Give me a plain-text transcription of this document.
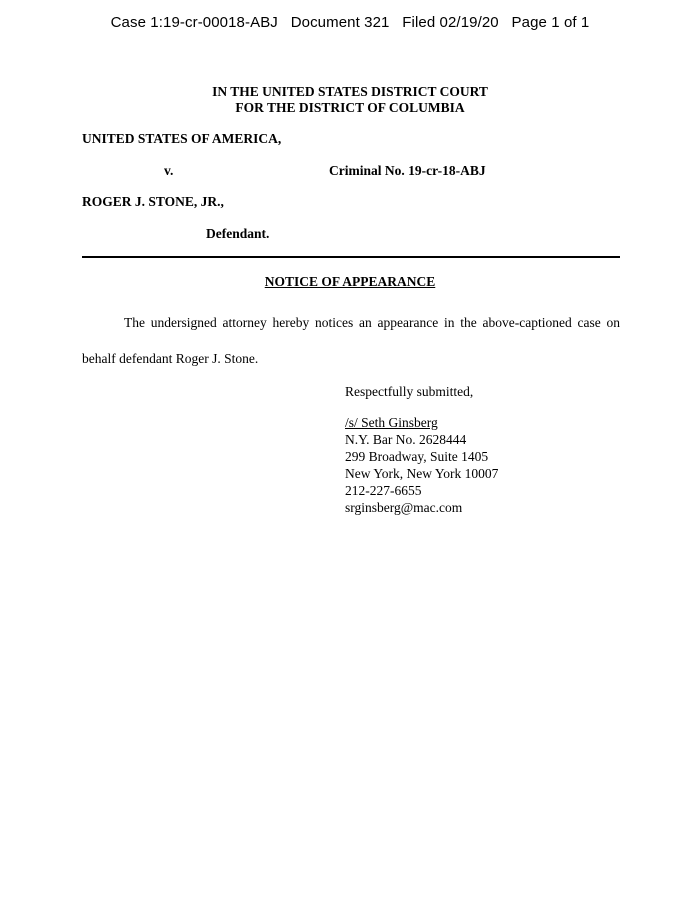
Case 1:19-cr-00018-ABJ   Document 321   Filed 02/19/20   Page 1 of 1
IN THE UNITED STATES DISTRICT COURT
FOR THE DISTRICT OF COLUMBIA
UNITED STATES OF AMERICA,
v.	Criminal No. 19-cr-18-ABJ
ROGER J. STONE, JR.,
Defendant.
NOTICE OF APPEARANCE
The undersigned attorney hereby notices an appearance in the above-captioned case on
behalf defendant Roger J. Stone.
Respectfully submitted,
/s/ Seth Ginsberg
N.Y. Bar No. 2628444
299 Broadway, Suite 1405
New York, New York 10007
212-227-6655
srginsberg@mac.com
